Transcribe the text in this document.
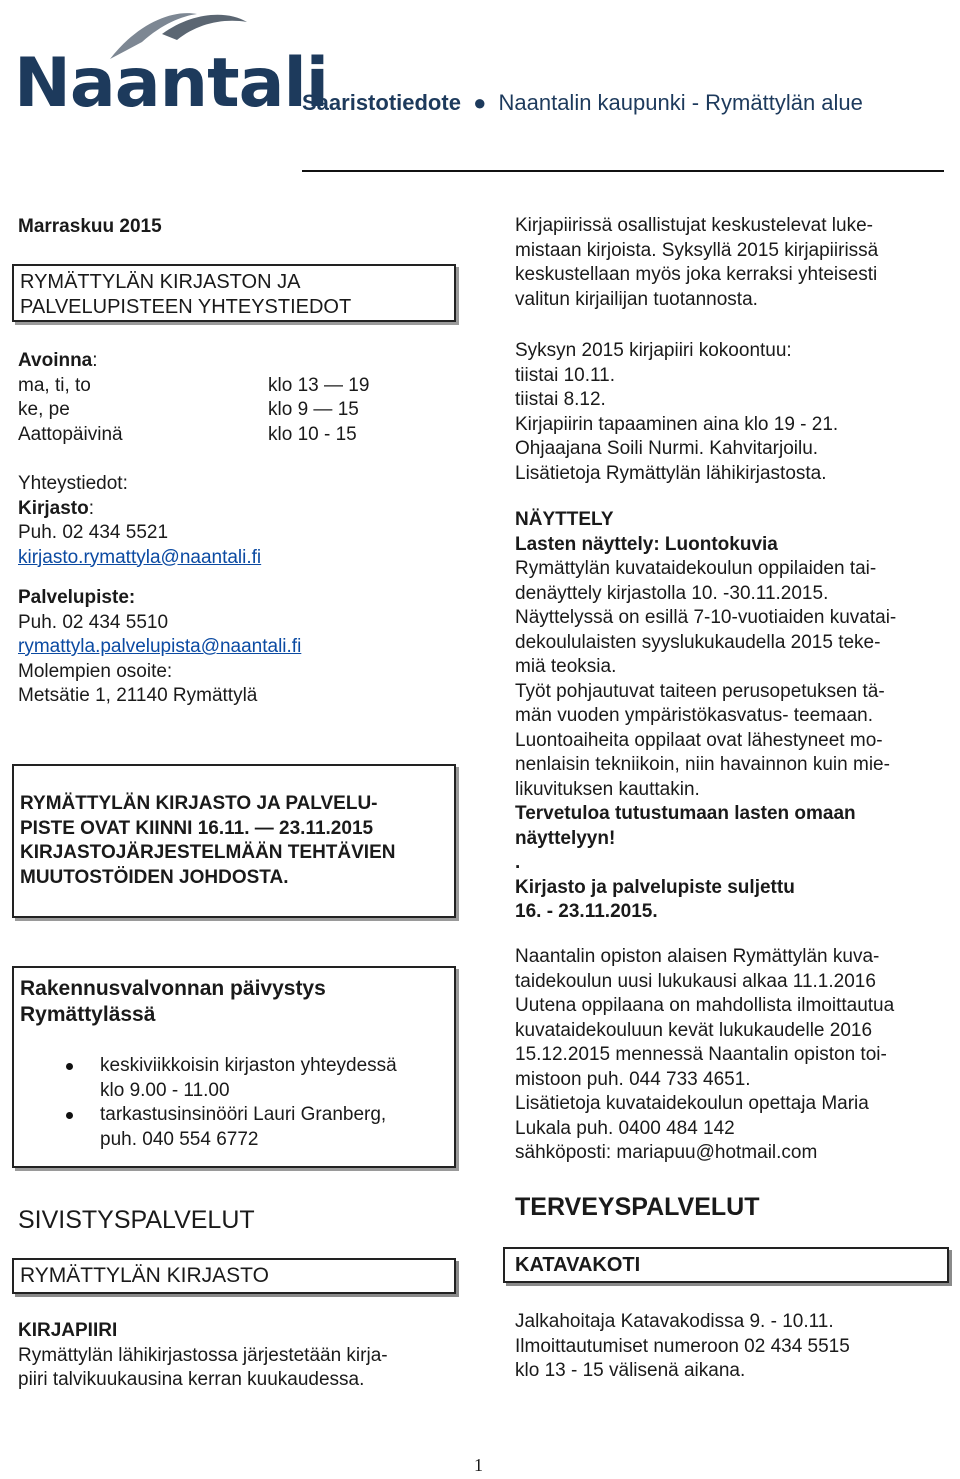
Naantali
Saaristotiedote ● Naantalin kaupunki - Rymättylän alue
Marraskuu 2015
RYMÄTTYLÄN KIRJASTON JA
PALVELUPISTEEN YHTEYSTIEDOT
Avoinna:
ma, ti, to	klo 13 — 19
ke, pe	klo 9 — 15
Aattopäivinä	klo 10 - 15
Yhteystiedot:
Kirjasto:
Puh. 02 434 5521
kirjasto.rymattyla@naantali.fi
Palvelupiste:
Puh. 02 434 5510
rymattyla.palvelupista@naantali.fi
Molempien osoite:
Metsätie 1, 21140 Rymättylä
RYMÄTTYLÄN KIRJASTO JA PALVELU-
PISTE OVAT KIINNI 16.11. — 23.11.2015
KIRJASTOJÄRJESTELMÄÄN TEHTÄVIEN
MUUTOSTÖIDEN JOHDOSTA.
Rakennusvalvonnan päivystys
Rymättylässä
keskiviikkoisin kirjaston yhteydessä
klo 9.00 - 11.00
tarkastusinsinööri Lauri Granberg,
puh. 040 554 6772
SIVISTYSPALVELUT
RYMÄTTYLÄN KIRJASTO
KIRJAPIIRI
Rymättylän lähikirjastossa järjestetään kirja-
piiri talvikuukausina kerran kuukaudessa.
Kirjapiirissä osallistujat keskustelevat luke-
mistaan kirjoista. Syksyllä 2015 kirjapiirissä
keskustellaan myös joka kerraksi yhteisesti
valitun kirjailijan tuotannosta.
Syksyn 2015 kirjapiiri kokoontuu:
tiistai 10.11.
tiistai 8.12.
Kirjapiirin tapaaminen aina klo 19 - 21.
Ohjaajana Soili Nurmi. Kahvitarjoilu.
Lisätietoja Rymättylän lähikirjastosta.
NÄYTTELY
Lasten näyttely: Luontokuvia
Rymättylän kuvataidekoulun oppilaiden tai-
denäyttely kirjastolla 10. -30.11.2015.
Näyttelyssä on esillä 7-10-vuotiaiden kuvatai-
dekoululaisten syyslukukaudella 2015 teke-
miä teoksia.
Työt pohjautuvat taiteen perusopetuksen tä-
män vuoden ympäristökasvatus- teemaan.
Luontoaiheita oppilaat ovat lähestyneet mo-
nenlaisin tekniikoin, niin havainnon kuin mie-
likuvituksen kauttakin.
Tervetuloa tutustumaan lasten omaan
näyttelyyn!
.
Kirjasto ja palvelupiste suljettu
16. - 23.11.2015.
Naantalin opiston alaisen Rymättylän kuva-
taidekoulun uusi lukukausi alkaa 11.1.2016
Uutena oppilaana on mahdollista ilmoittautua
kuvataidekouluun kevät lukukaudelle 2016
15.12.2015 mennessä Naantalin opiston toi-
mistoon puh. 044 733 4651.
Lisätietoja kuvataidekoulun opettaja Maria
Lukala puh. 0400 484 142
sähköposti: mariapuu@hotmail.com
TERVEYSPALVELUT
KATAVAKOTI
Jalkahoitaja Katavakodissa 9. - 10.11.
Ilmoittautumiset numeroon 02 434 5515
klo 13 - 15 välisenä aikana.
1
